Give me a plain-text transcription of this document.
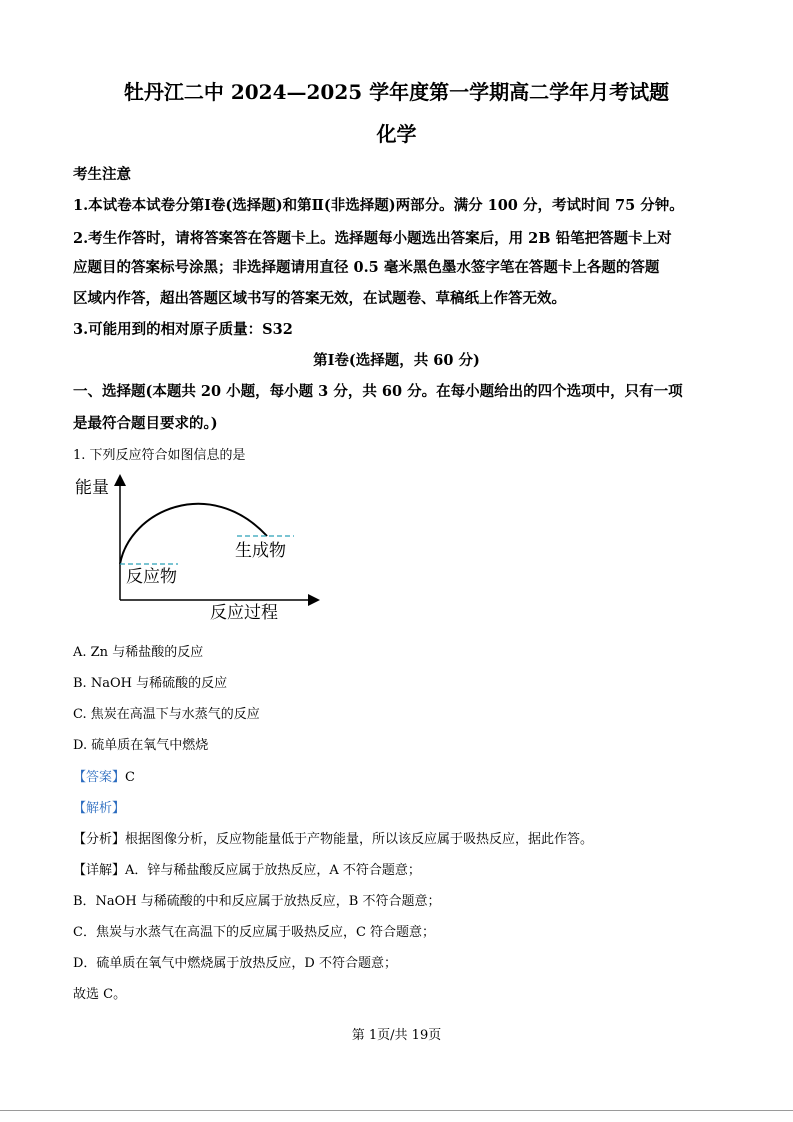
牡丹江二中 2024—2025 学年度第一学期高二学年月考试题
化学
考生注意
1.本试卷本试卷分第Ⅰ卷(选择题)和第Ⅱ(非选择题)两部分。满分 100 分，考试时间 75 分钟。
2.考生作答时，请将答案答在答题卡上。选择题每小题选出答案后，用 2B 铅笔把答题卡上对
应题目的答案标号涂黑；非选择题请用直径 0.5 毫米黑色墨水签字笔在答题卡上各题的答题
区域内作答，超出答题区域书写的答案无效，在试题卷、草稿纸上作答无效。
3.可能用到的相对原子质量：S32
第Ⅰ卷(选择题，共 60 分)
一、选择题(本题共 20 小题，每小题 3 分，共 60 分。在每小题给出的四个选项中，只有一项
是最符合题目要求的。)
1. 下列反应符合如图信息的是
能量
反应物
生成物
反应过程
A. Zn 与稀盐酸的反应
B. NaOH 与稀硫酸的反应
C. 焦炭在高温下与水蒸气的反应
D. 硫单质在氧气中燃烧
【答案】C
【解析】
【分析】根据图像分析，反应物能量低于产物能量，所以该反应属于吸热反应，据此作答。
【详解】A．锌与稀盐酸反应属于放热反应，A 不符合题意；
B．NaOH 与稀硫酸的中和反应属于放热反应，B 不符合题意；
C．焦炭与水蒸气在高温下的反应属于吸热反应，C 符合题意；
D．硫单质在氧气中燃烧属于放热反应，D 不符合题意；
故选 C。
第 1页/共 19页
